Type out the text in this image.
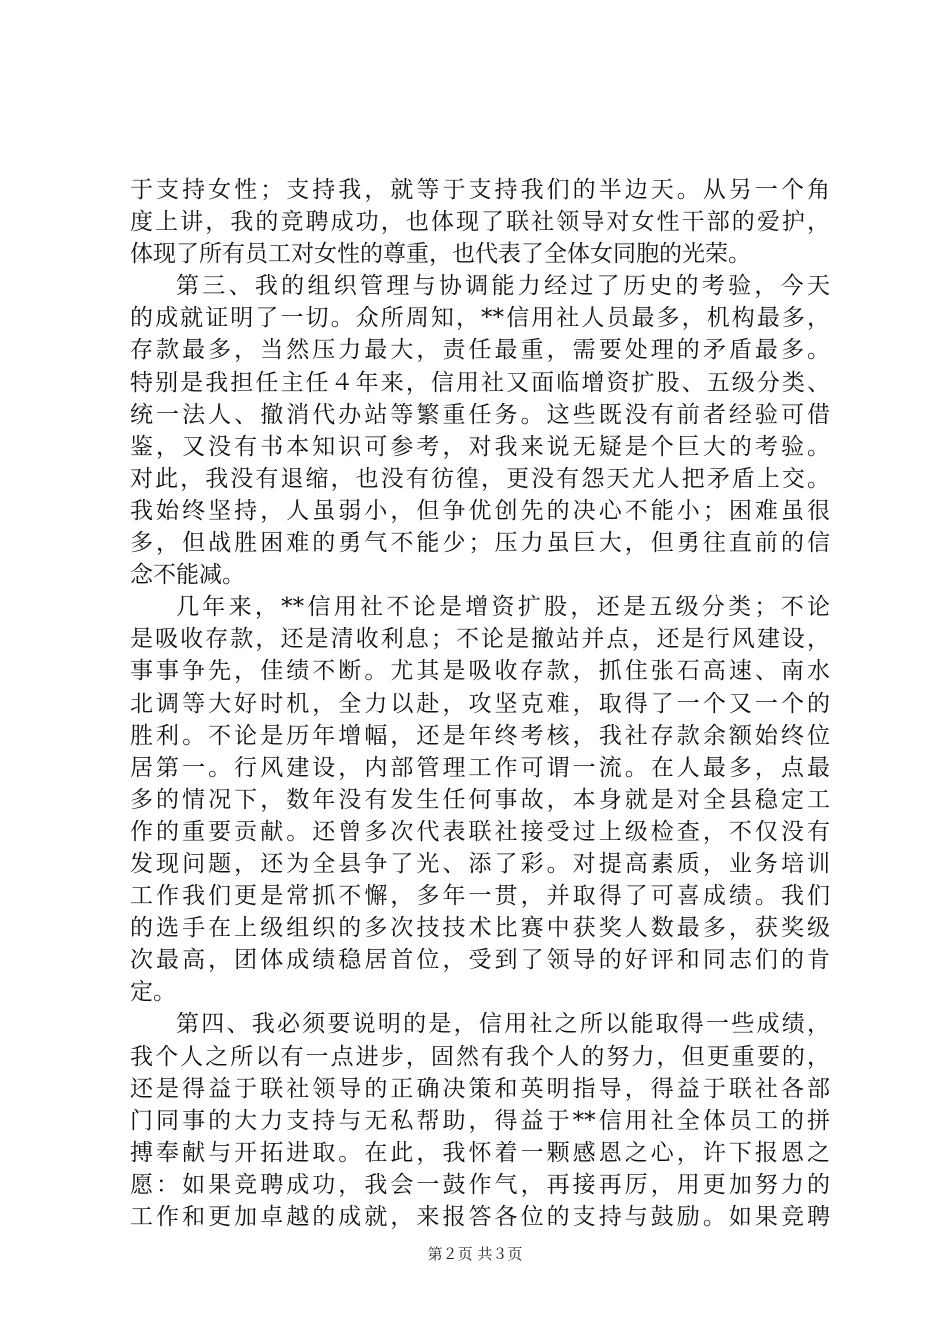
于支持女性；支持我，就等于支持我们的半边天。从另一个角
度上讲，我的竞聘成功，也体现了联社领导对女性干部的爱护，
体现了所有员工对女性的尊重，也代表了全体女同胞的光荣。
第三、我的组织管理与协调能力经过了历史的考验，今天
的成就证明了一切。众所周知，**信用社人员最多，机构最多，
存款最多，当然压力最大，责任最重，需要处理的矛盾最多。
特别是我担任主任４年来，信用社又面临增资扩股、五级分类、
统一法人、撤消代办站等繁重任务。这些既没有前者经验可借
鉴，又没有书本知识可参考，对我来说无疑是个巨大的考验。
对此，我没有退缩，也没有彷徨，更没有怨天尤人把矛盾上交。
我始终坚持，人虽弱小，但争优创先的决心不能小；困难虽很
多，但战胜困难的勇气不能少；压力虽巨大，但勇往直前的信
念不能减。
几年来，**信用社不论是增资扩股，还是五级分类；不论
是吸收存款，还是清收利息；不论是撤站并点，还是行风建设，
事事争先，佳绩不断。尤其是吸收存款，抓住张石高速、南水
北调等大好时机，全力以赴，攻坚克难，取得了一个又一个的
胜利。不论是历年增幅，还是年终考核，我社存款余额始终位
居第一。行风建设，内部管理工作可谓一流。在人最多，点最
多的情况下，数年没有发生任何事故，本身就是对全县稳定工
作的重要贡献。还曾多次代表联社接受过上级检查，不仅没有
发现问题，还为全县争了光、添了彩。对提高素质，业务培训
工作我们更是常抓不懈，多年一贯，并取得了可喜成绩。我们
的选手在上级组织的多次技技术比赛中获奖人数最多，获奖级
次最高，团体成绩稳居首位，受到了领导的好评和同志们的肯
定。
第四、我必须要说明的是，信用社之所以能取得一些成绩，
我个人之所以有一点进步，固然有我个人的努力，但更重要的，
还是得益于联社领导的正确决策和英明指导，得益于联社各部
门同事的大力支持与无私帮助，得益于**信用社全体员工的拼
搏奉献与开拓进取。在此，我怀着一颗感恩之心，许下报恩之
愿：如果竞聘成功，我会一鼓作气，再接再厉，用更加努力的
工作和更加卓越的成就，来报答各位的支持与鼓励。如果竞聘
第２页 共３页
